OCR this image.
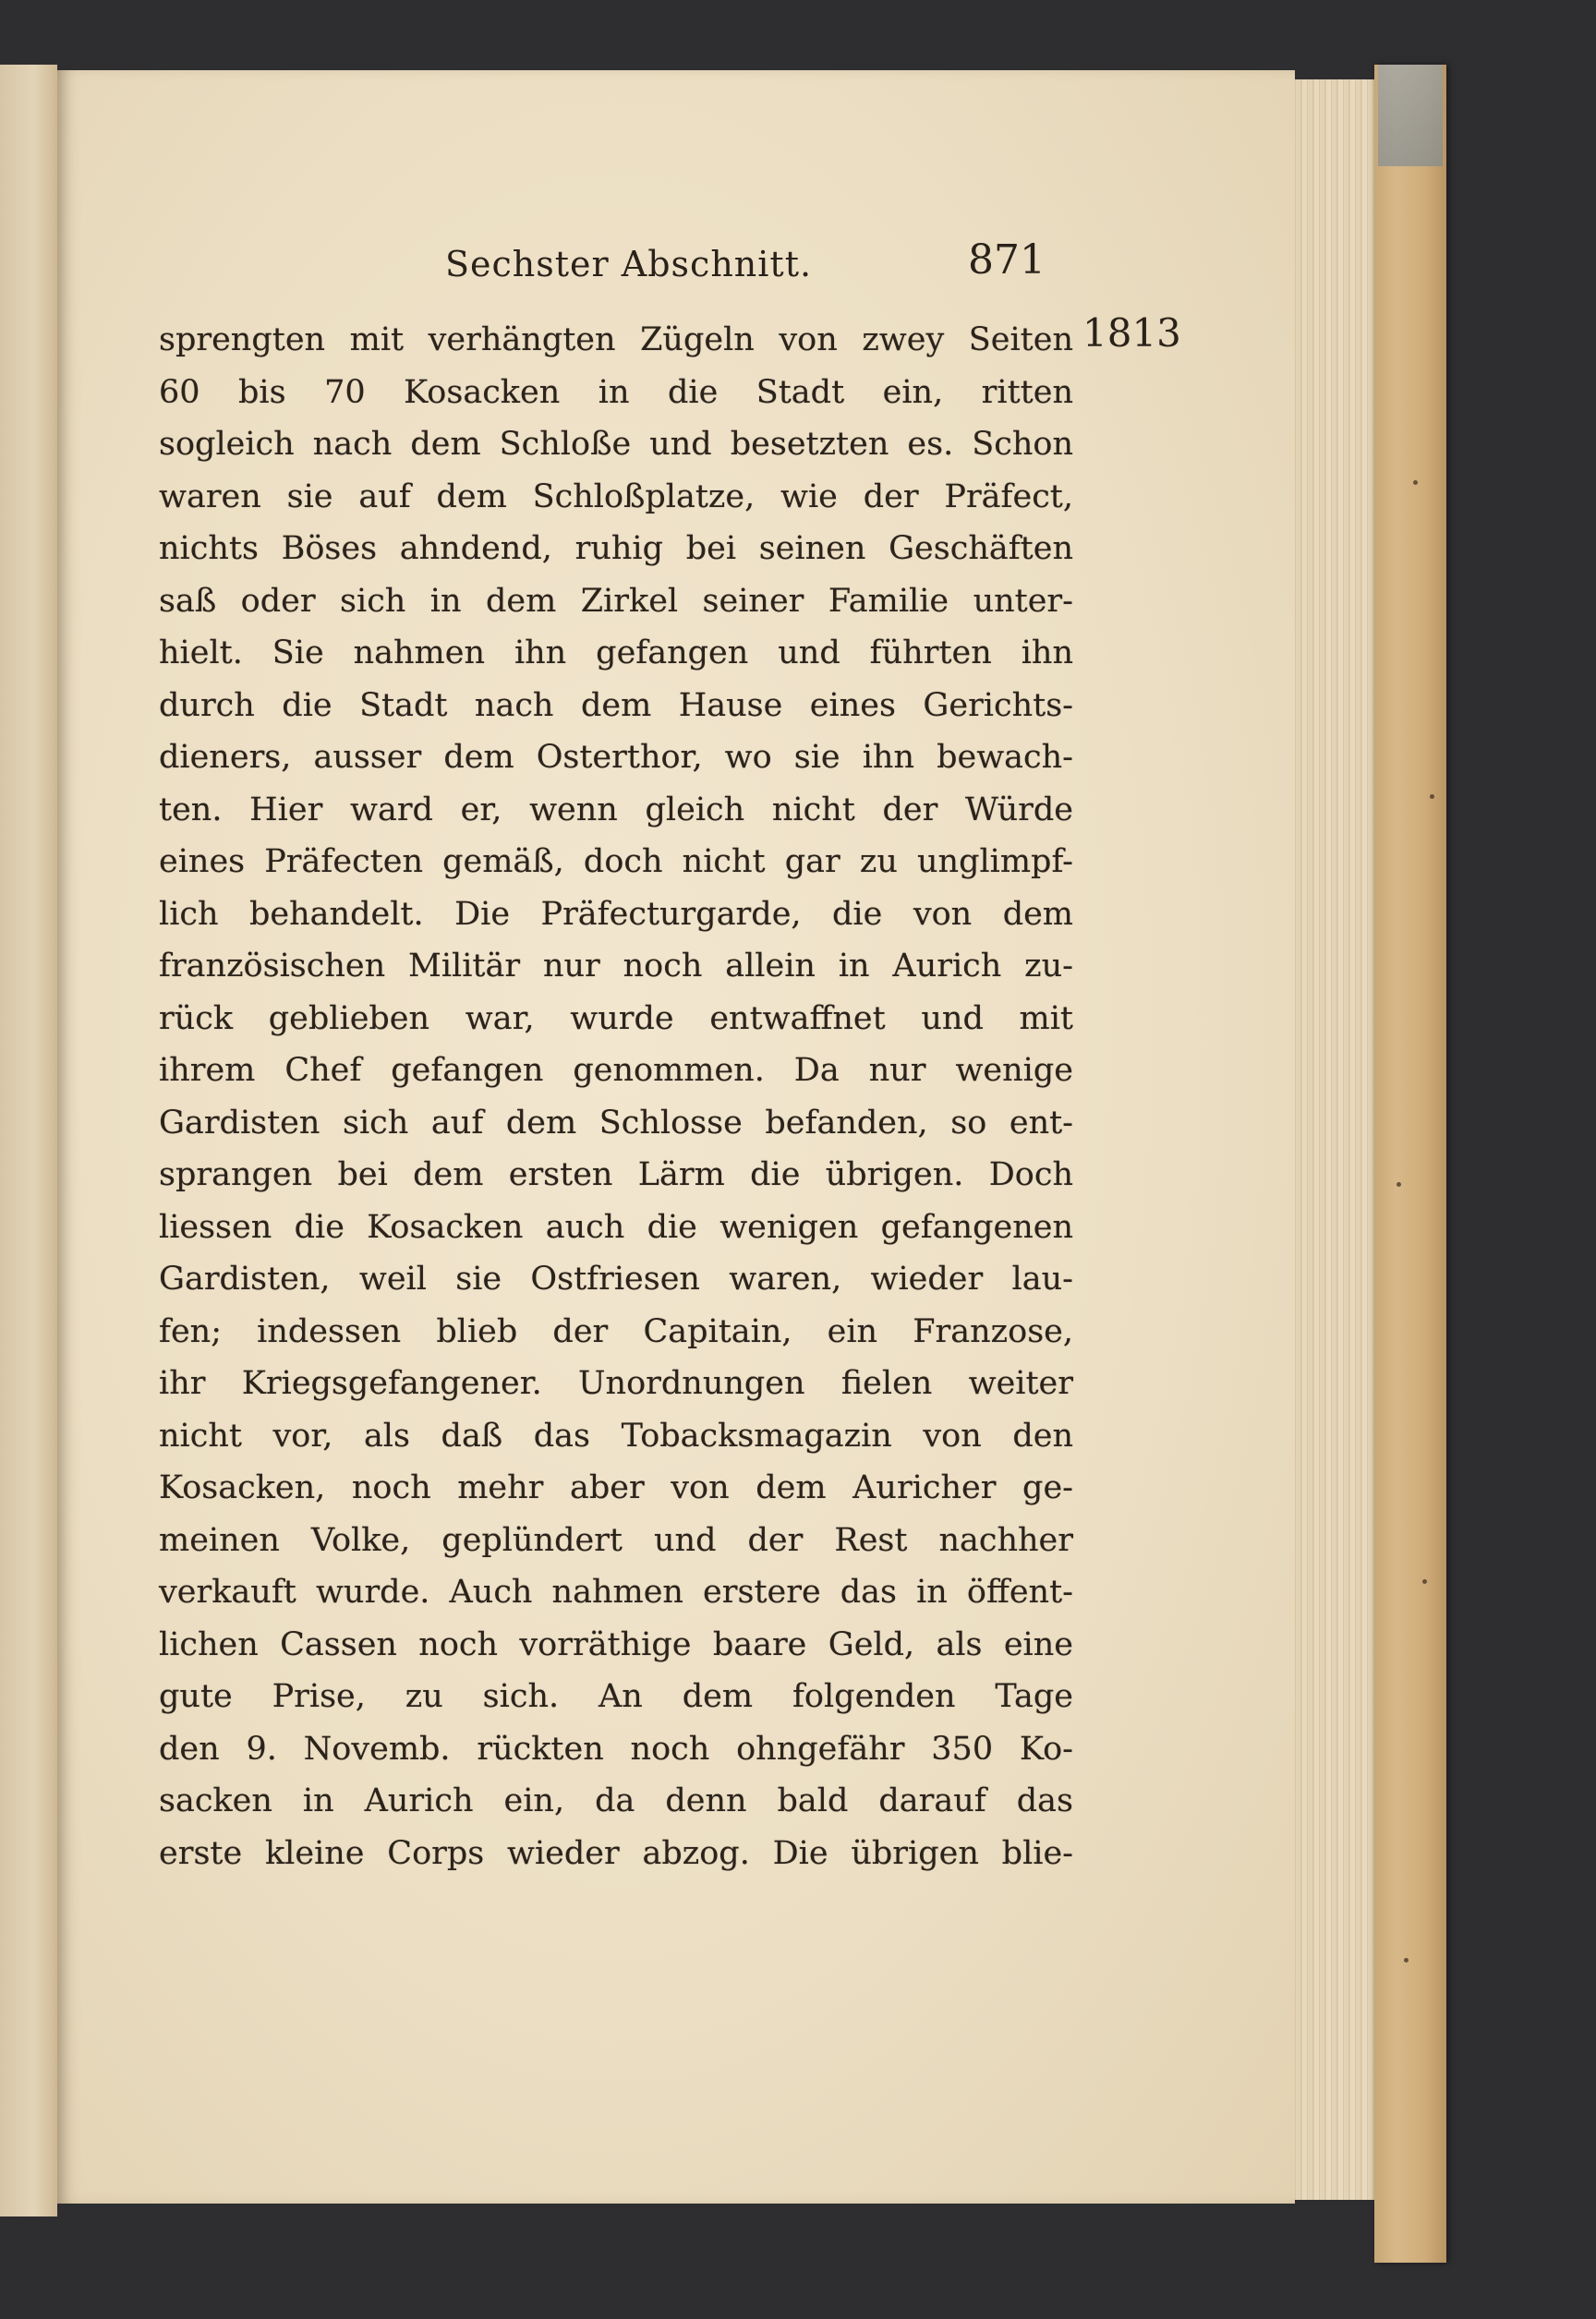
Sechster Abschnitt.	871
sprengten mit verhängten Zügeln von zwey Seiten
60 bis 70 Kosacken in die Stadt ein, ritten
sogleich nach dem Schloße und besetzten es. Schon
waren sie auf dem Schloßplatze, wie der Präfect,
nichts Böses ahndend, ruhig bei seinen Geschäften
saß oder sich in dem Zirkel seiner Familie unter-
hielt. Sie nahmen ihn gefangen und führten ihn
durch die Stadt nach dem Hause eines Gerichts-
dieners, ausser dem Osterthor, wo sie ihn bewach-
ten. Hier ward er, wenn gleich nicht der Würde
eines Präfecten gemäß, doch nicht gar zu unglimpf-
lich behandelt. Die Präfecturgarde, die von dem
französischen Militär nur noch allein in Aurich zu-
rück geblieben war, wurde entwaffnet und mit
ihrem Chef gefangen genommen. Da nur wenige
Gardisten sich auf dem Schlosse befanden, so ent-
sprangen bei dem ersten Lärm die übrigen. Doch
liessen die Kosacken auch die wenigen gefangenen
Gardisten, weil sie Ostfriesen waren, wieder lau-
fen; indessen blieb der Capitain, ein Franzose,
ihr Kriegsgefangener. Unordnungen fielen weiter
nicht vor, als daß das Tobacksmagazin von den
Kosacken, noch mehr aber von dem Auricher ge-
meinen Volke, geplündert und der Rest nachher
verkauft wurde. Auch nahmen erstere das in öffent-
lichen Cassen noch vorräthige baare Geld, als eine
gute Prise, zu sich. An dem folgenden Tage
den 9. Novemb. rückten noch ohngefähr 350 Ko-
sacken in Aurich ein, da denn bald darauf das
erste kleine Corps wieder abzog. Die übrigen blie-
1813
